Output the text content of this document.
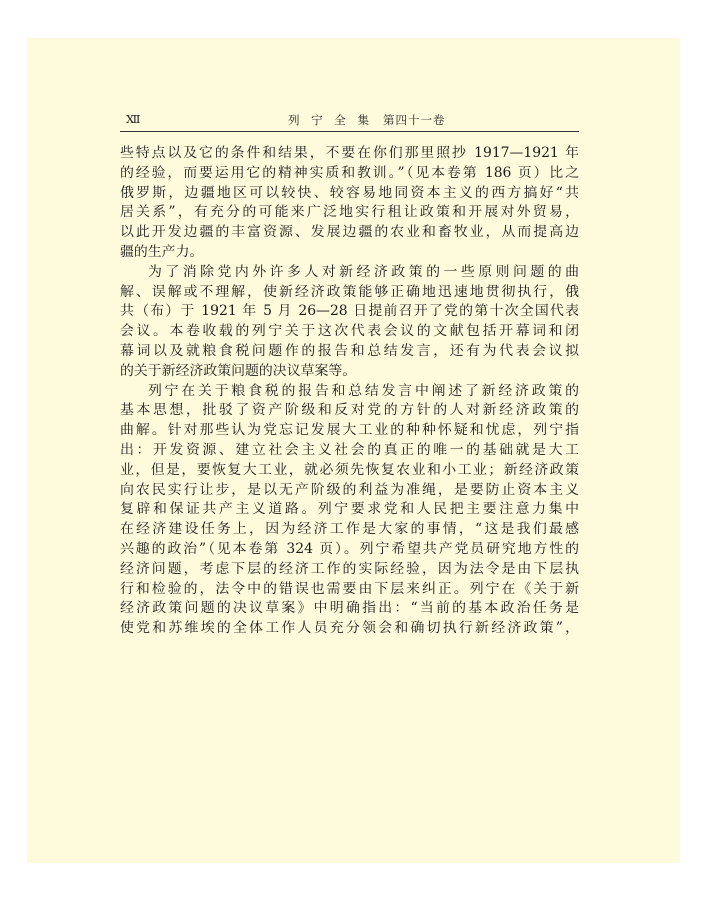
Ⅻ	列 宁 全 集 第四十一卷
些特点以及它的条件和结果，不要在你们那里照抄 1917—1921 年
的经验，而要运用它的精神实质和教训。”（见本卷第 186 页）比之
俄罗斯，边疆地区可以较快、较容易地同资本主义的西方搞好“共
居关系”，有充分的可能来广泛地实行租让政策和开展对外贸易，
以此开发边疆的丰富资源、发展边疆的农业和畜牧业，从而提高边
疆的生产力。
为了消除党内外许多人对新经济政策的一些原则问题的曲
解、误解或不理解，使新经济政策能够正确地迅速地贯彻执行，俄
共（布）于 1921 年 5 月 26—28 日提前召开了党的第十次全国代表
会议。本卷收载的列宁关于这次代表会议的文献包括开幕词和闭
幕词以及就粮食税问题作的报告和总结发言，还有为代表会议拟
的关于新经济政策问题的决议草案等。
列宁在关于粮食税的报告和总结发言中阐述了新经济政策的
基本思想，批驳了资产阶级和反对党的方针的人对新经济政策的
曲解。针对那些认为党忘记发展大工业的种种怀疑和忧虑，列宁指
出：开发资源、建立社会主义社会的真正的唯一的基础就是大工
业，但是，要恢复大工业，就必须先恢复农业和小工业；新经济政策
向农民实行让步，是以无产阶级的利益为准绳，是要防止资本主义
复辟和保证共产主义道路。列宁要求党和人民把主要注意力集中
在经济建设任务上，因为经济工作是大家的事情，“这是我们最感
兴趣的政治”（见本卷第 324 页）。列宁希望共产党员研究地方性的
经济问题，考虑下层的经济工作的实际经验，因为法令是由下层执
行和检验的，法令中的错误也需要由下层来纠正。列宁在《关于新
经济政策问题的决议草案》中明确指出：“当前的基本政治任务是
使党和苏维埃的全体工作人员充分领会和确切执行新经济政策”，
